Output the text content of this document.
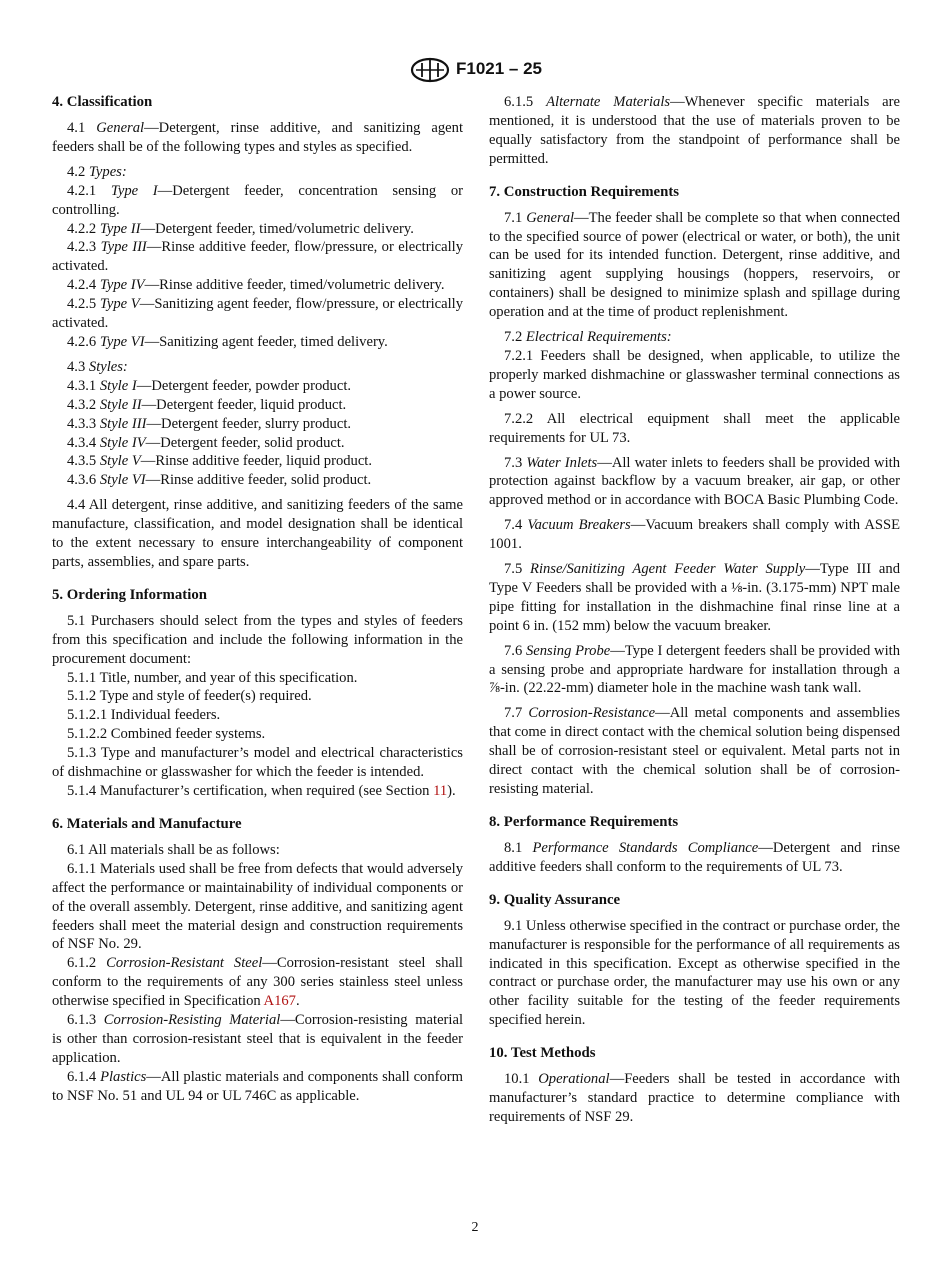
F1021 – 25
4. Classification

4.1 General—Detergent, rinse additive, and sanitizing agent feeders shall be of the following types and styles as specified.

4.2 Types:

4.2.1 Type I—Detergent feeder, concentration sensing or controlling.

4.2.2 Type II—Detergent feeder, timed/volumetric delivery.

4.2.3 Type III—Rinse additive feeder, flow/pressure, or electrically activated.

4.2.4 Type IV—Rinse additive feeder, timed/volumetric delivery.

4.2.5 Type V—Sanitizing agent feeder, flow/pressure, or electrically activated.

4.2.6 Type VI—Sanitizing agent feeder, timed delivery.

4.3 Styles:

4.3.1 Style I—Detergent feeder, powder product.

4.3.2 Style II—Detergent feeder, liquid product.

4.3.3 Style III—Detergent feeder, slurry product.

4.3.4 Style IV—Detergent feeder, solid product.

4.3.5 Style V—Rinse additive feeder, liquid product.

4.3.6 Style VI—Rinse additive feeder, solid product.

4.4 All detergent, rinse additive, and sanitizing feeders of the same manufacture, classification, and model designation shall be identical to the extent necessary to ensure interchangeability of component parts, assemblies, and spare parts.

5. Ordering Information

5.1 Purchasers should select from the types and styles of feeders from this specification and include the following information in the procurement document:

5.1.1 Title, number, and year of this specification.

5.1.2 Type and style of feeder(s) required.

5.1.2.1 Individual feeders.

5.1.2.2 Combined feeder systems.

5.1.3 Type and manufacturer’s model and electrical characteristics of dishmachine or glasswasher for which the feeder is intended.

5.1.4 Manufacturer’s certification, when required (see Section 11).

6. Materials and Manufacture

6.1 All materials shall be as follows:

6.1.1 Materials used shall be free from defects that would adversely affect the performance or maintainability of individual components or of the overall assembly. Detergent, rinse additive, and sanitizing agent feeders shall meet the material design and construction requirements of NSF No. 29.

6.1.2 Corrosion-Resistant Steel—Corrosion-resistant steel shall conform to the requirements of any 300 series stainless steel unless otherwise specified in Specification A167.

6.1.3 Corrosion-Resisting Material—Corrosion-resisting material is other than corrosion-resistant steel that is equivalent in the feeder application.

6.1.4 Plastics—All plastic materials and components shall conform to NSF No. 51 and UL 94 or UL 746C as applicable.

6.1.5 Alternate Materials—Whenever specific materials are mentioned, it is understood that the use of materials proven to be equally satisfactory from the standpoint of performance shall be permitted.

7. Construction Requirements

7.1 General—The feeder shall be complete so that when connected to the specified source of power (electrical or water, or both), the unit can be used for its intended function. Detergent, rinse additive, and sanitizing agent supplying housings (hoppers, reservoirs, or containers) shall be designed to minimize splash and spillage during operation and at the time of product replenishment.

7.2 Electrical Requirements:

7.2.1 Feeders shall be designed, when applicable, to utilize the properly marked dishmachine or glasswasher terminal connections as a power source.

7.2.2 All electrical equipment shall meet the applicable requirements for UL 73.

7.3 Water Inlets—All water inlets to feeders shall be provided with protection against backflow by a vacuum breaker, air gap, or other approved method or in accordance with BOCA Basic Plumbing Code.

7.4 Vacuum Breakers—Vacuum breakers shall comply with ASSE 1001.

7.5 Rinse/Sanitizing Agent Feeder Water Supply—Type III and Type V Feeders shall be provided with a ⅛-in. (3.175-mm) NPT male pipe fitting for installation in the dishmachine final rinse line at a point 6 in. (152 mm) below the vacuum breaker.

7.6 Sensing Probe—Type I detergent feeders shall be provided with a sensing probe and appropriate hardware for installation through a ⅞-in. (22.22-mm) diameter hole in the machine wash tank wall.

7.7 Corrosion-Resistance—All metal components and assemblies that come in direct contact with the chemical solution being dispensed shall be of corrosion-resistant steel or equivalent. Metal parts not in direct contact with the chemical solution shall be of corrosion-resisting material.

8. Performance Requirements

8.1 Performance Standards Compliance—Detergent and rinse additive feeders shall conform to the requirements of UL 73.

9. Quality Assurance

9.1 Unless otherwise specified in the contract or purchase order, the manufacturer is responsible for the performance of all requirements as indicated in this specification. Except as otherwise specified in the contract or purchase order, the manufacturer may use his own or any other facility suitable for the testing of the feeder requirements specified herein.

10. Test Methods

10.1 Operational—Feeders shall be tested in accordance with manufacturer’s standard practice to determine compliance with requirements of NSF 29.

2
